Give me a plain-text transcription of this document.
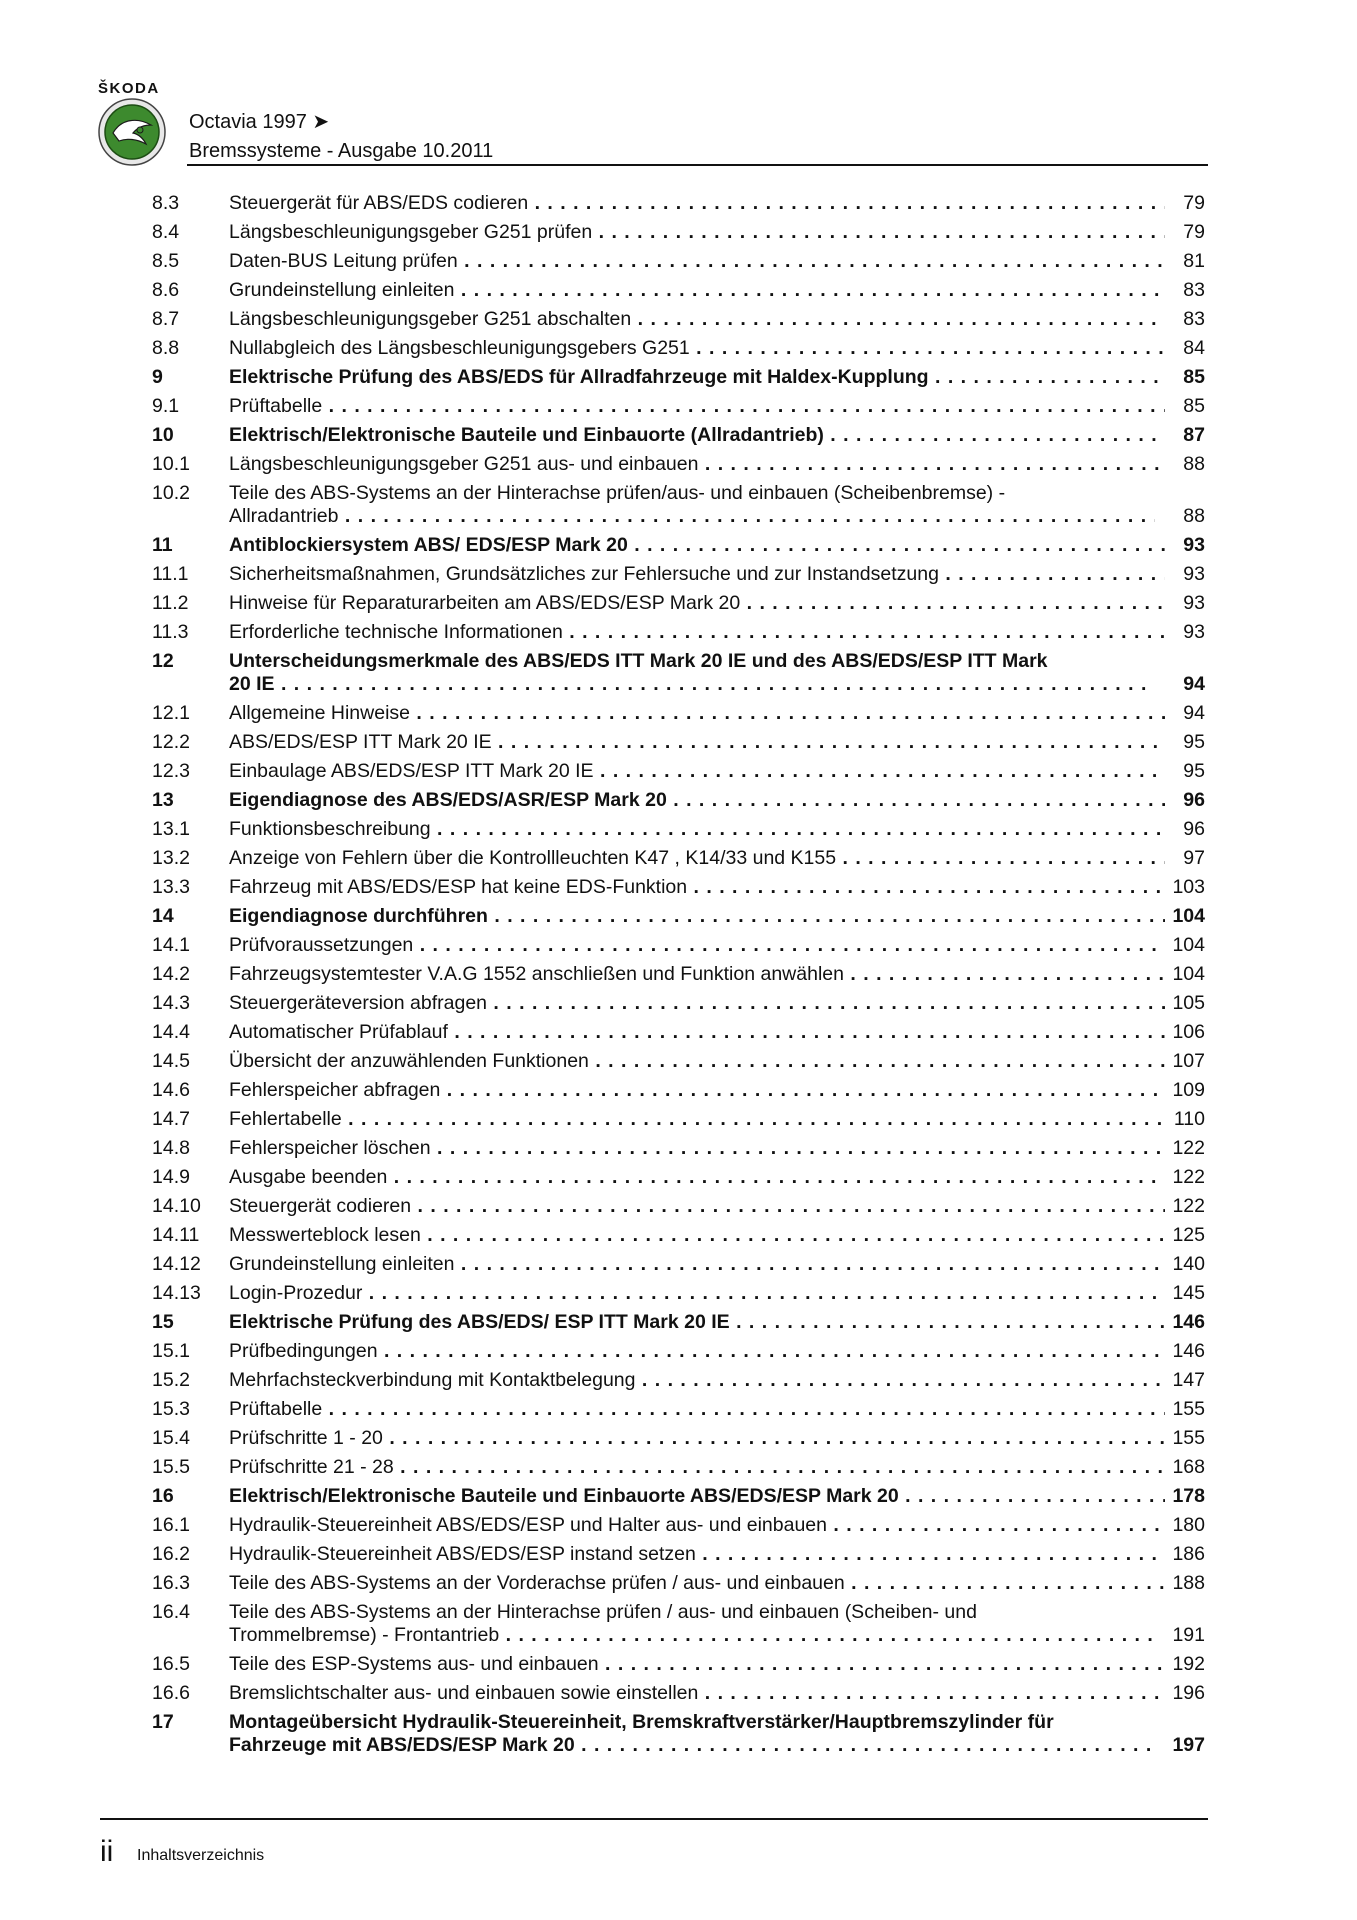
ŠKODA
Octavia 1997 ➤
Bremssysteme - Ausgabe 10.2011
8.3	Steuergerät für ABS/EDS codieren . . .	79
8.4	Längsbeschleunigungsgeber G251 prüfen . . .	79
8.5	Daten-BUS Leitung prüfen . . .	81
8.6	Grundeinstellung einleiten . . .	83
8.7	Längsbeschleunigungsgeber G251 abschalten . . .	83
8.8	Nullabgleich des Längsbeschleunigungsgebers G251 . . .	84
9	Elektrische Prüfung des ABS/EDS für Allradfahrzeuge mit Haldex-Kupplung . . .	85
9.1	Prüftabelle . . .	85
10	Elektrisch/Elektronische Bauteile und Einbauorte (Allradantrieb) . . .	87
10.1	Längsbeschleunigungsgeber G251 aus- und einbauen . . .	88
10.2	Teile des ABS-Systems an der Hinterachse prüfen/aus- und einbauen (Scheibenbremse) -
Allradantrieb . . .	88
11	Antiblockiersystem ABS/ EDS/ESP Mark 20 . . .	93
11.1	Sicherheitsmaßnahmen, Grundsätzliches zur Fehlersuche und zur Instandsetzung . . .	93
11.2	Hinweise für Reparaturarbeiten am ABS/EDS/ESP Mark 20 . . .	93
11.3	Erforderliche technische Informationen . . .	93
12	Unterscheidungsmerkmale des ABS/EDS ITT Mark 20 IE und des ABS/EDS/ESP ITT Mark
20 IE . . .	94
12.1	Allgemeine Hinweise . . .	94
12.2	ABS/EDS/ESP ITT Mark 20 IE . . .	95
12.3	Einbaulage ABS/EDS/ESP ITT Mark 20 IE . . .	95
13	Eigendiagnose des ABS/EDS/ASR/ESP Mark 20 . . .	96
13.1	Funktionsbeschreibung . . .	96
13.2	Anzeige von Fehlern über die Kontrollleuchten K47 , K14/33 und K155 . . .	97
13.3	Fahrzeug mit ABS/EDS/ESP hat keine EDS-Funktion . . .	103
14	Eigendiagnose durchführen . . .	104
14.1	Prüfvoraussetzungen . . .	104
14.2	Fahrzeugsystemtester V.A.G 1552 anschließen und Funktion anwählen . . .	104
14.3	Steuergeräteversion abfragen . . .	105
14.4	Automatischer Prüfablauf . . .	106
14.5	Übersicht der anzuwählenden Funktionen . . .	107
14.6	Fehlerspeicher abfragen . . .	109
14.7	Fehlertabelle . . .	110
14.8	Fehlerspeicher löschen . . .	122
14.9	Ausgabe beenden . . .	122
14.10	Steuergerät codieren . . .	122
14.11	Messwerteblock lesen . . .	125
14.12	Grundeinstellung einleiten . . .	140
14.13	Login-Prozedur . . .	145
15	Elektrische Prüfung des ABS/EDS/ ESP ITT Mark 20 IE . . .	146
15.1	Prüfbedingungen . . .	146
15.2	Mehrfachsteckverbindung mit Kontaktbelegung . . .	147
15.3	Prüftabelle . . .	155
15.4	Prüfschritte 1 - 20 . . .	155
15.5	Prüfschritte 21 - 28 . . .	168
16	Elektrisch/Elektronische Bauteile und Einbauorte ABS/EDS/ESP Mark 20 . . .	178
16.1	Hydraulik-Steuereinheit ABS/EDS/ESP und Halter aus- und einbauen . . .	180
16.2	Hydraulik-Steuereinheit ABS/EDS/ESP instand setzen . . .	186
16.3	Teile des ABS-Systems an der Vorderachse prüfen / aus- und einbauen . . .	188
16.4	Teile des ABS-Systems an der Hinterachse prüfen / aus- und einbauen (Scheiben- und
Trommelbremse) - Frontantrieb . . .	191
16.5	Teile des ESP-Systems aus- und einbauen . . .	192
16.6	Bremslichtschalter aus- und einbauen sowie einstellen . . .	196
17	Montageübersicht Hydraulik-Steuereinheit, Bremskraftverstärker/Hauptbremszylinder für
Fahrzeuge mit ABS/EDS/ESP Mark 20 . . .	197
ii Inhaltsverzeichnis
